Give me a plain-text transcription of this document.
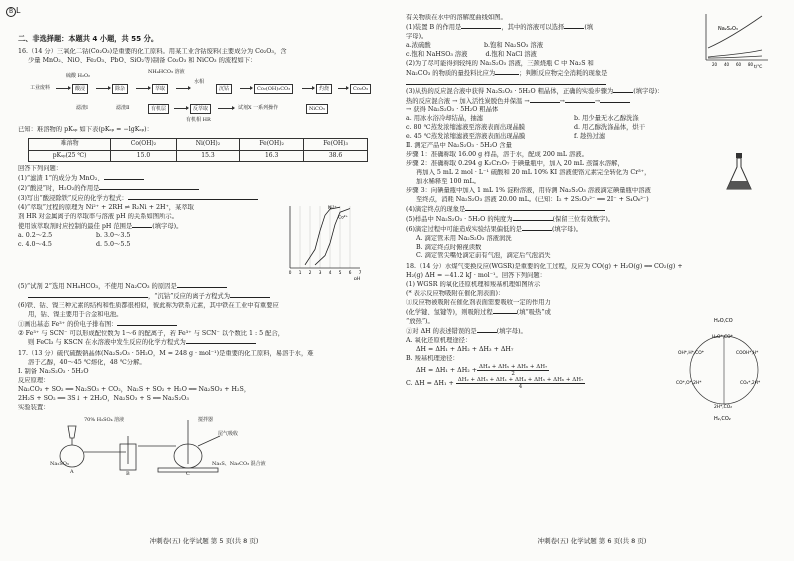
B L
二、非选择题：本题共 4 小题，共 55 分。
16.（14 分）三氧化二钴(Co₂O₃)是重要的化工原料。用某工业含钴废料(主要成分为 Co₂O₃，含
少量 MnO₂、NiO、Fe₂O₃、PbO、SiO₂等)制备 Co₂O₃ 和 NiCO₃ 的流程如下：
NH₄HCO₃ 溶液
工业废料	酸浸
硫酸 H₂O₂
除杂	萃取
水相
沉钴	Co₂(OH)₂CO₃	灼烧	Co₂O₃
滤渣Ⅰ	滤渣Ⅱ	有机层	反萃取	试剂X 一系列操作	NiCO₃
有机相 HR
已知：难溶物的 pKₛₚ 如下表(pKₛₚ = −lgKₛₚ)：
难溶物	Co(OH)₂	Ni(OH)₂	Fe(OH)₂	Fe(OH)₃
pKₛₚ(25 ℃)	15.0	15.3	16.3	38.6
回答下列问题：
(1)“滤渣 1”的成分为 MnO₂、
(2)“酸浸”时，H₂O₂的作用是
(3)写出“酸浸除铁”反应的化学方程式：
(4)“萃取”过程的原理为 Ni²⁺ + 2RH ⇌ R₂Ni + 2H⁺，某萃取
剂 HR 对金属离子的萃取率与溶液 pH 的关系如图所示。
使用该萃取剂时应控制的最佳 pH 范围是	(填字母)。
a. 0.2～2.5	b. 3.0～3.5
c. 4.0～4.5	d. 5.0～5.5
0 1 2 3 4 5 6 7
pH
Ni²⁺
Co²⁺
(5)“试剂 2”选用 NH₄HCO₃，不使用 Na₂CO₃ 的原因是
，“沉钴”反应的离子方程式为
(6)铁、钴、镍三种元素的结构和性质都很相似，彼此称为铁系元素，其中铁在工业中有重要应
用，钴、镍主要用于合金和电池。
①画出基态 Fe³⁺ 的价电子排布图：
② Fe³⁺ 与 SCN⁻ 可以形成配位数为 1～6 的配离子，若 Fe³⁺ 与 SCN⁻ 以个数比 1 : 5 配合，
则 FeCl₃ 与 KSCN 在水溶液中发生反应的化学方程式为
17.（13 分）硫代硫酸钠晶体(Na₂S₂O₃ · 5H₂O，M = 248 g · mol⁻¹)是重要的化工原料，易溶于水，难
溶于乙醇，40～45 ℃熔化，48 ℃分解。
Ⅰ. 制备 Na₂S₂O₃ · 5H₂O
反应原理：
Na₂CO₃ + SO₂ ══ Na₂SO₃ + CO₂，Na₂S + SO₂ + H₂O ══ Na₂SO₃ + H₂S，
2H₂S + SO₂ ══ 3S↓ + 2H₂O，Na₂SO₃ + S ══ Na₂S₂O₃
实验装置：
70% H₂SO₄ 溶液	搅拌器
尾气吸收
A	B	C
Na₂SO₃	Na₂S、Na₂CO₃ 混合液
冲刺卷(五) 化学试题 第 5 页(共 8 页)
有关物质在水中的溶解度曲线如图。
(1)装置 B 的作用是	，其中的溶液可以选择	(填
字母)。
a.浓硫酸	b.饱和 Na₂SO₃ 溶液
c.饱和 NaHSO₃ 溶液	d.饱和 NaCl 溶液
(2)为了尽可能得到较纯的 Na₂S₂O₃ 溶液，三颈烧瓶 C 中 Na₂S 和
Na₂CO₃ 的物质的量投料比应为	；判断反应物完全消耗的现象是
Na₂S₂O₃
t/℃
20 40 60 80
(3)从热的反应混合液中获得 Na₂S₂O₃ · 5H₂O 粗晶体，正确的实验步骤为	(填字母)：
热的反应混合液 → 加入活性炭脱色并保温 →	→	→
→ 获得 Na₂S₂O₃ · 5H₂O 粗晶体
a. 用冰水浴冷却结晶，抽滤	b. 用少量无水乙醇洗涤
c. 80 ℃蒸发浓缩滤液至溶液表面出现晶膜	d. 用乙醇洗涤晶体，烘干
e. 45 ℃蒸发浓缩滤液至溶液表面出现晶膜	f. 趁热过滤
Ⅱ. 测定产品中 Na₂S₂O₃ · 5H₂O 含量
步骤 1：准确称取 16.00 g 样品，溶于水，配成 200 mL 溶液。
步骤 2：准确称取 0.294 g K₂Cr₂O₇ 于碘量瓶中，加入 20 mL 蒸馏水溶解，
再加入 5 mL 2 mol · L⁻¹ 硫酸和 20 mL 10% KI 溶液使铬元素完全转化为 Cr³⁺，
加水稀释至 100 mL。
步骤 3：向碘量瓶中加入 1 mL 1% 淀粉溶液，用待测 Na₂S₂O₃ 溶液滴定碘量瓶中溶液
至终点，消耗 Na₂S₂O₃ 溶液 20.00 mL。(已知：I₂ + 2S₂O₃²⁻ ══ 2I⁻ + S₄O₆²⁻)
(4)滴定终点的现象是
(5)样品中 Na₂S₂O₃ · 5H₂O 的纯度为	(保留三位有效数字)。
(6)滴定过程中可能造成实验结果偏低的是	(填字母)。
A. 滴定管未用 Na₂S₂O₃ 溶液润洗
B. 滴定终点时俯视读数
C. 滴定管尖嘴处滴定前有气泡，滴定后气泡消失
18.（14 分）水煤气变换反应(WGSR)是重要的化工过程，反应为 CO(g) + H₂O(g) ══ CO₂(g) +
H₂(g) ΔH = −41.2 kJ · mol⁻¹。回答下列问题：
(1) WGSR 的氧化还原机理和羧基机理如图所示
(* 表示反应物吸附在催化剂表面)：
①反应物被吸附在催化剂表面需要吸收一定的作用力
(化学键、氢键等)，则吸附过程	(填“吸热”或
“放热”)。
②对 ΔH 的表述错误的是	(填字母)。
A. 氧化还原机理途径：
ΔH = ΔH₁ + ΔH₂ + ΔH₃ + ΔH₇
B. 羧基机理途径：
$\Delta H = \Delta H_1 + \Delta H_2 + \frac{\text{ΔH₄ + ΔH₅ + ΔH₆ + ΔH₇}}{2}$
C. $\Delta H = \Delta H_1 + \frac{\text{ΔH₂ + ΔH₃ + ΔH₁ + ΔH₄ + ΔH₅ + ΔH₆ + ΔH₇}}{4}$
H₂O,CO
H₂,CO₂
H₂O*,CO*
OH*,H*,CO*	COOH*,H*
CO*,O*,2H*	CO₂*,2H*
2H*,CO₂
冲刺卷(五) 化学试题 第 6 页(共 8 页)
